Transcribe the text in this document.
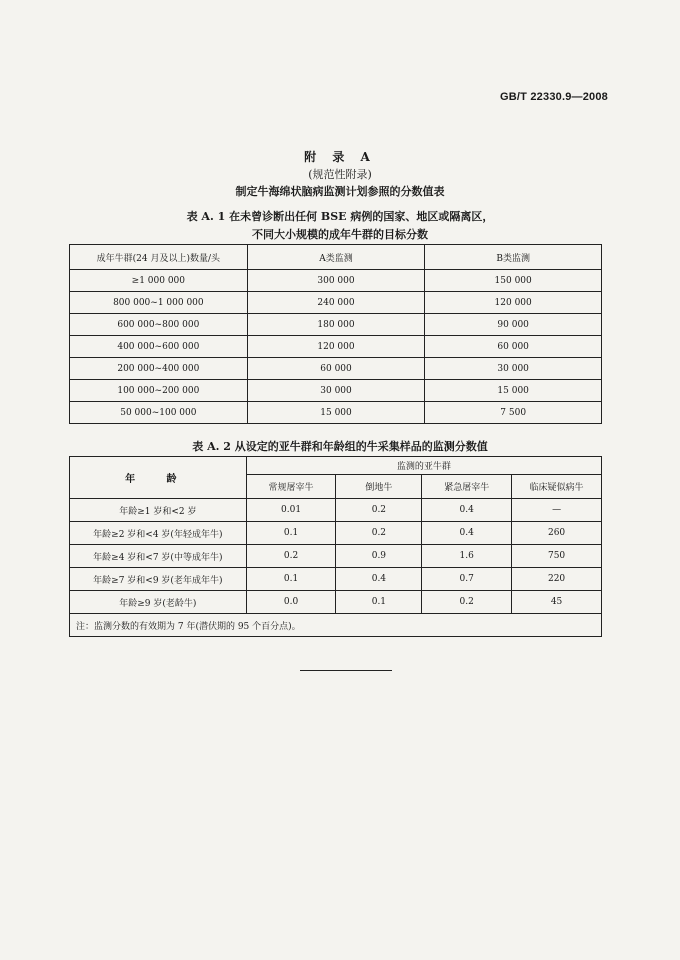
GB/T 22330.9—2008
附 录 A
(规范性附录)
制定牛海绵状脑病监测计划参照的分数值表
表 A. 1 在未曾诊断出任何 BSE 病例的国家、地区或隔离区，
不同大小规模的成年牛群的目标分数
成年牛群(24 月及以上)数量/头	A类监测	B类监测
≥1 000 000	300 000	150 000
800 000~1 000 000	240 000	120 000
600 000~800 000	180 000	90 000
400 000~600 000	120 000	60 000
200 000~400 000	60 000	30 000
100 000~200 000	30 000	15 000
50 000~100 000	15 000	7 500
表 A. 2 从设定的亚牛群和年龄组的牛采集样品的监测分数值
年 龄	监测的亚牛群			
	常规屠宰牛	倒地牛	紧急屠宰牛	临床疑似病牛
年龄≥1 岁和<2 岁	0.01	0.2	0.4	—
年龄≥2 岁和<4 岁(年轻成年牛)	0.1	0.2	0.4	260
年龄≥4 岁和<7 岁(中等成年牛)	0.2	0.9	1.6	750
年龄≥7 岁和<9 岁(老年成年牛)	0.1	0.4	0.7	220
年龄≥9 岁(老龄牛)	0.0	0.1	0.2	45
注：监测分数的有效期为 7 年(潜伏期的 95 个百分点)。				
